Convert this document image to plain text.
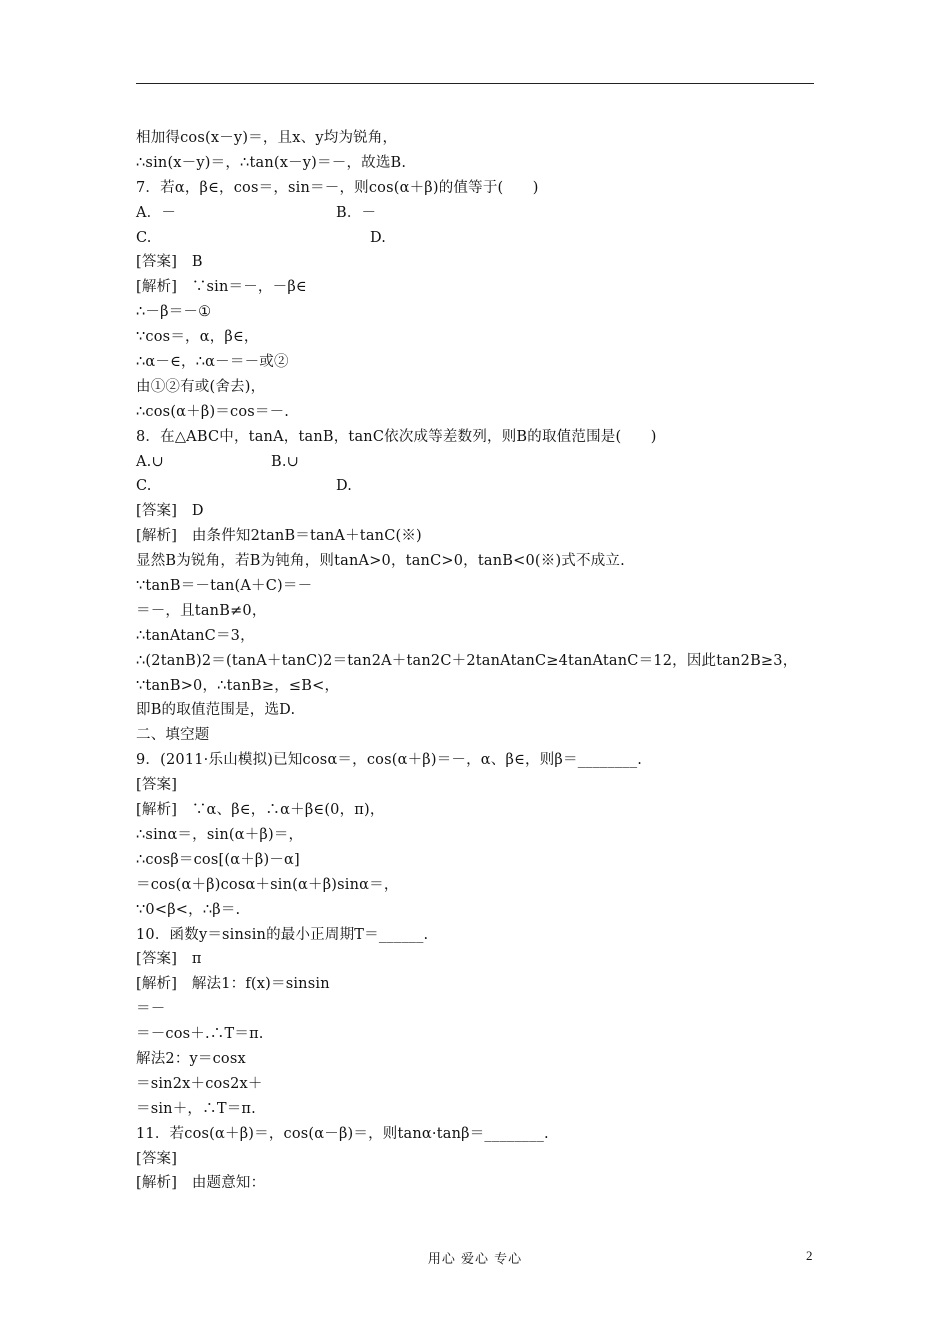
相加得cos(x－y)＝，且x、y均为锐角，
∴sin(x－y)＝，∴tan(x－y)＝－，故选B.
7．若α，β∈，cos＝，sin＝－，则cos(α＋β)的值等于(　　)
A．－	B．－
C.	D.
[答案]　B
[解析]　∵sin＝－，－β∈
∴－β＝－①
∵cos＝，α，β∈，
∴α－∈，∴α－＝－或②
由①②有或(舍去)，
∴cos(α＋β)＝cos＝－.
8．在△ABC中，tanA，tanB，tanC依次成等差数列，则B的取值范围是(　　)
A.∪	B.∪
C.	D.
[答案]　D
[解析]　由条件知2tanB＝tanA＋tanC(※)
显然B为锐角，若B为钝角，则tanA>0，tanC>0，tanB<0(※)式不成立.
∵tanB＝－tan(A＋C)＝－
＝－，且tanB≠0，
∴tanAtanC＝3，
∴(2tanB)2＝(tanA＋tanC)2＝tan2A＋tan2C＋2tanAtanC≥4tanAtanC＝12，因此tan2B≥3，
∵tanB>0，∴tanB≥，≤B<，
即B的取值范围是，选D.
二、填空题
9．(2011·乐山模拟)已知cosα＝，cos(α＋β)＝－，α、β∈，则β＝________.
[答案]
[解析]　∵α、β∈，∴α＋β∈(0，π)，
∴sinα＝，sin(α＋β)＝，
∴cosβ＝cos[(α＋β)－α]
＝cos(α＋β)cosα＋sin(α＋β)sinα＝，
∵0<β<，∴β＝.
10．函数y＝sinsin的最小正周期T＝______.
[答案]　π
[解析]　解法1：f(x)＝sinsin
＝－
＝－cos＋.∴T＝π.
解法2：y＝cosx
＝sin2x＋cos2x＋
＝sin＋，∴T＝π.
11．若cos(α＋β)＝，cos(α－β)＝，则tanα·tanβ＝________.
[答案]
[解析]　由题意知：
用心 爱心 专心	2
